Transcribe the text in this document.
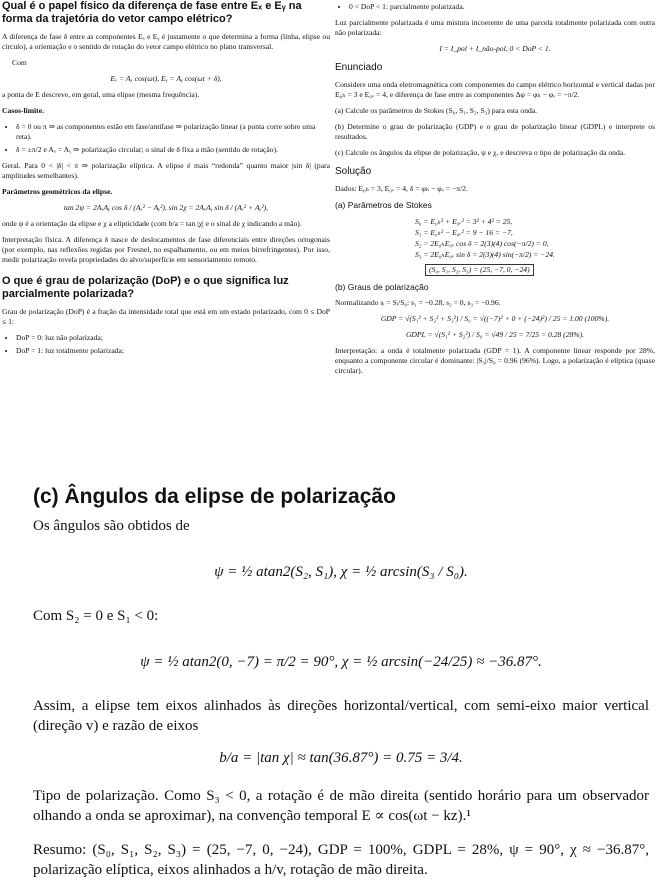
Qual é o papel físico da diferença de fase entre Eₓ e Eᵧ na forma da trajetória do vetor campo elétrico?

A diferença de fase δ entre as componentes Eₓ e Eᵧ é justamente o que determina a forma (linha, elipse ou círculo), a orientação e o sentido de rotação do vetor campo elétrico no plano transversal.

Com

Eₓ = Aₓ cos(ωt), Eᵧ = Aᵧ cos(ωt + δ),

a ponta de E descreve, em geral, uma elipse (mesma frequência).

Casos-limite.

• δ = 0 ou π ⇒ as componentes estão em fase/antifase ⇒ polarização linear (a ponta corre sobre uma reta).
• δ = ±π/2 e Aₓ = Aᵧ ⇒ polarização circular; o sinal de δ fixa a mão (sentido de rotação).

Geral. Para 0 < |δ| < π ⇒ polarização elíptica. A elipse é mais “redonda” quanto maior |sin δ| (para amplitudes semelhantes).

Parâmetros geométricos da elipse.

tan 2ψ = 2AₓAᵧ cos δ / (Aₓ² − Aᵧ²), sin 2χ = 2AₓAᵧ sin δ / (Aₓ² + Aᵧ²),

onde ψ é a orientação da elipse e χ a elipticidade (com b/a = tan |χ| e o sinal de χ indicando a mão).

Interpretação física. A diferença δ nasce de deslocamentos de fase diferenciais entre direções ortogonais (por exemplo, nas reflexões regidas por Fresnel, no espalhamento, ou em meios birrefringentes). Por isso, medir polarização revela propriedades do alvo/superfície em sensoriamento remoto.

O que é grau de polarização (DoP) e o que significa luz parcialmente polarizada?

Grau de polarização (DoP) é a fração da intensidade total que está em um estado polarizado, com 0 ≤ DoP ≤ 1:

• DoP = 0: luz não polarizada;
• DoP = 1: luz totalmente polarizada;
• 0 < DoP < 1: parcialmente polarizada.

Luz parcialmente polarizada é uma mistura incoerente de uma parcela totalmente polarizada com outra não polarizada:

I = I_pol + I_não-pol, 0 < DoP < 1.
Enunciado

Considere uma onda eletromagnética com componentes do campo elétrico horizontal e vertical dadas por E₀ₕ = 3 e E₀ᵥ = 4, e diferença de fase entre as componentes Δφ = φₕ − φᵥ = −π/2.

(a) Calcule os parâmetros de Stokes (S₀, S₁, S₂, S₃) para esta onda.

(b) Determine o grau de polarização (GDP) e o grau de polarização linear (GDPL) e interprete os resultados.

(c) Calcule os ângulos da elipse de polarização, ψ e χ, e descreva o tipo de polarização da onda.

Solução

Dados: E₀ₕ = 3, E₀ᵥ = 4, δ = φₕ − φᵥ = −π/2.

(a) Parâmetros de Stokes
S₀ = E₀ₕ² + E₀ᵥ² = 3² + 4² = 25,
S₁ = E₀ₕ² − E₀ᵥ² = 9 − 16 = −7,
S₂ = 2E₀ₕE₀ᵥ cos δ = 2(3)(4) cos(−π/2) = 0,
S₃ = 2E₀ₕE₀ᵥ sin δ = 2(3)(4) sin(−π/2) = −24.
(S₀, S₁, S₂, S₃) = (25, −7, 0, −24)
(b) Graus de polarização

Normalizando sᵢ = Sᵢ/S₀: s₁ = −0.28, s₂ = 0, s₃ = −0.96.

GDP = √(S₁² + S₂² + S₃²) / S₀ = √((−7)² + 0 + (−24)²) / 25 = 1.00 (100%).
GDPL = √(S₁² + S₂²) / S₀ = √49 / 25 = 7/25 = 0.28 (28%).

Interpretação: a onda é totalmente polarizada (GDP = 1). A componente linear responde por 28%, enquanto a componente circular é dominante: |S₃|/S₀ = 0.96 (96%). Logo, a polarização é elíptica (quase circular).

(c) Ângulos da elipse de polarização

Os ângulos são obtidos de

ψ = ½ atan2(S₂, S₁), χ = ½ arcsin(S₃ / S₀).

Com S₂ = 0 e S₁ < 0:

ψ = ½ atan2(0, −7) = π/2 = 90°, χ = ½ arcsin(−24/25) ≈ −36.87°.

Assim, a elipse tem eixos alinhados às direções horizontal/vertical, com semi-eixo maior vertical (direção v) e razão de eixos

b/a = |tan χ| ≈ tan(36.87°) = 0.75 = 3/4.

Tipo de polarização. Como S₃ < 0, a rotação é de mão direita (sentido horário para um observador olhando a onda se aproximar), na convenção temporal E ∝ cos(ωt − kz).¹

Resumo: (S₀, S₁, S₂, S₃) = (25, −7, 0, −24), GDP = 100%, GDPL = 28%, ψ = 90°, χ ≈ −36.87°, polarização elíptica, eixos alinhados a h/v, rotação de mão direita.
